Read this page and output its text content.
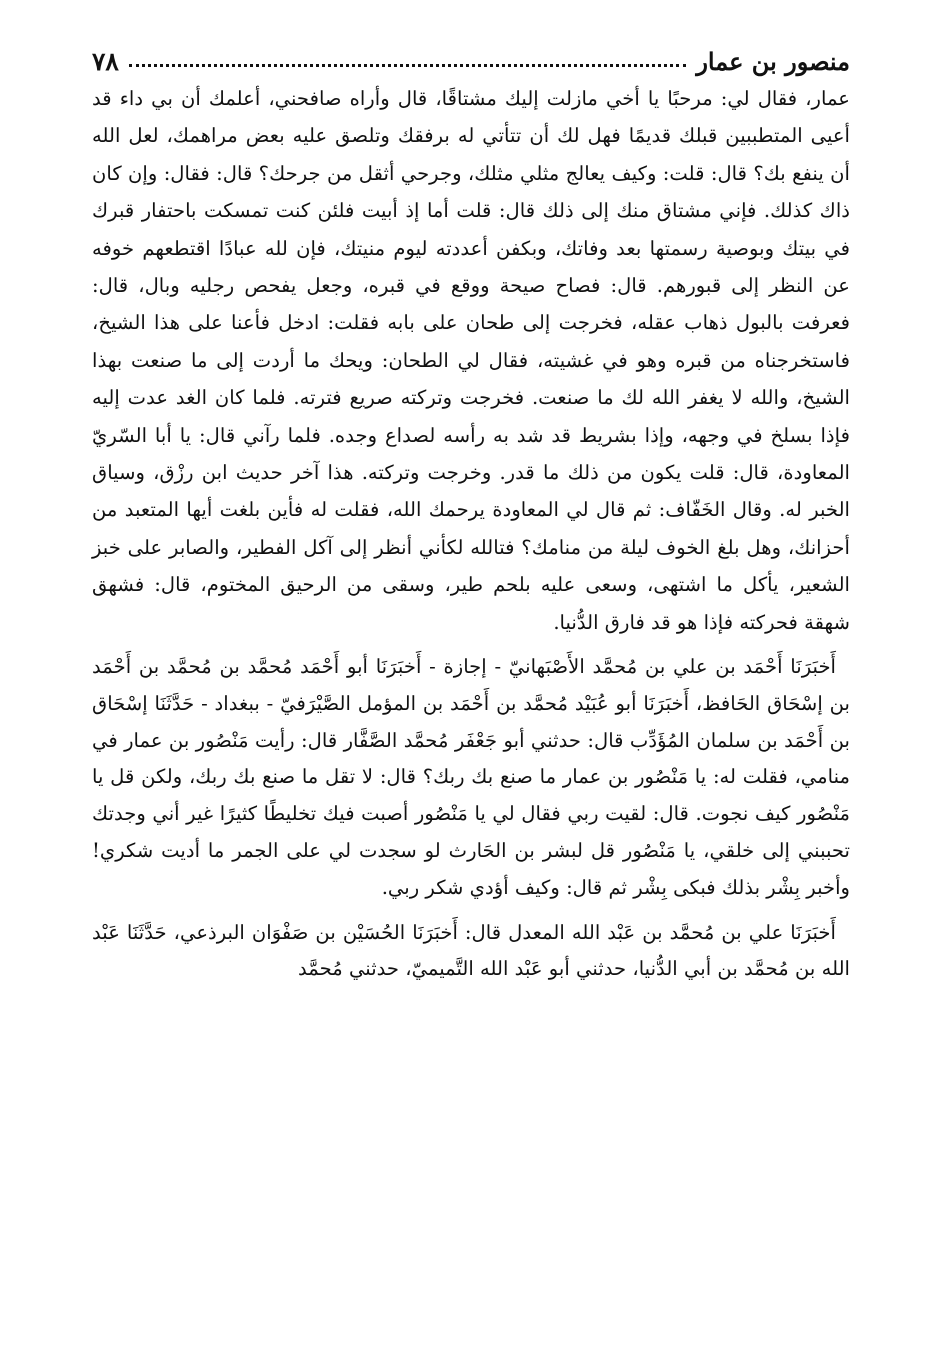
منصور بن عمار
٧٨

عمار، فقال لي: مرحبًا يا أخي مازلت إليك مشتاقًا، قال وأراه صافحني، أعلمك أن بي داء قد أعيى المتطببين قبلك قديمًا فهل لك أن تتأتي له برفقك وتلصق عليه بعض مراهمك، لعل الله أن ينفع بك؟ قال: قلت: وكيف يعالج مثلي مثلك، وجرحي أثقل من جرحك؟ قال: فقال: وإن كان ذاك كذلك. فإني مشتاق منك إلى ذلك قال: قلت أما إذ أبيت فلئن كنت تمسكت باحتفار قبرك في بيتك وبوصية رسمتها بعد وفاتك، وبكفن أعددته ليوم منيتك، فإن لله عبادًا اقتطعهم خوفه عن النظر إلى قبورهم. قال: فصاح صيحة ووقع في قبره، وجعل يفحص رجليه وبال، قال: فعرفت بالبول ذهاب عقله، فخرجت إلى طحان على بابه فقلت: ادخل فأعنا على هذا الشيخ، فاستخرجناه من قبره وهو في غشيته، فقال لي الطحان: ويحك ما أردت إلى ما صنعت بهذا الشيخ، والله لا يغفر الله لك ما صنعت. فخرجت وتركته صريع فترته. فلما كان الغد عدت إليه فإذا بسلخ في وجهه، وإذا بشريط قد شد به رأسه لصداع وجده. فلما رآني قال: يا أبا السّريّ المعاودة، قال: قلت يكون من ذلك ما قدر. وخرجت وتركته. هذا آخر حديث ابن رزْق، وسياق الخبر له. وقال الخَفّاف: ثم قال لي المعاودة يرحمك الله، فقلت له فأين بلغت أيها المتعبد من أحزانك، وهل بلغ الخوف ليلة من منامك؟ فتالله لكأني أنظر إلى آكل الفطير، والصابر على خبز الشعير، يأكل ما اشتهى، وسعى عليه بلحم طير، وسقى من الرحيق المختوم، قال: فشهق شهقة فحركته فإذا هو قد فارق الدُّنيا.

أَخبَرَنَا أَحْمَد بن علي بن مُحمَّد الأَصْبَهانيّ - إجازة - أَخبَرَنَا أبو أَحْمَد مُحمَّد بن مُحمَّد بن أَحْمَد بن إسْحَاق الحَافظ، أَخبَرَنَا أبو عُبَيْد مُحمَّد بن أَحْمَد بن المؤمل الصَّيْرَفيّ - ببغداد - حَدَّثَنَا إسْحَاق بن أَحْمَد بن سلمان المُؤَدِّب قال: حدثني أبو جَعْفَر مُحمَّد الصَّفَّار قال: رأيت مَنْصُور بن عمار في منامي، فقلت له: يا مَنْصُور بن عمار ما صنع بك ربك؟ قال: لا تقل ما صنع بك ربك، ولكن قل يا مَنْصُور كيف نجوت. قال: لقيت ربي فقال لي يا مَنْصُور أصبت فيك تخليطًا كثيرًا غير أني وجدتك تحببني إلى خلقي، يا مَنْصُور قل لبشر بن الحَارث لو سجدت لي على الجمر ما أديت شكري! وأخبر بِشْر بذلك فبكى بِشْر ثم قال: وكيف أؤدي شكر ربي.

أَخبَرَنَا علي بن مُحمَّد بن عَبْد الله المعدل قال: أَخبَرَنَا الحُسَيْن بن صَفْوَان البرذعي، حَدَّثَنَا عَبْد الله بن مُحمَّد بن أبي الدُّنيا، حدثني أبو عَبْد الله التَّميميّ، حدثني مُحمَّد
